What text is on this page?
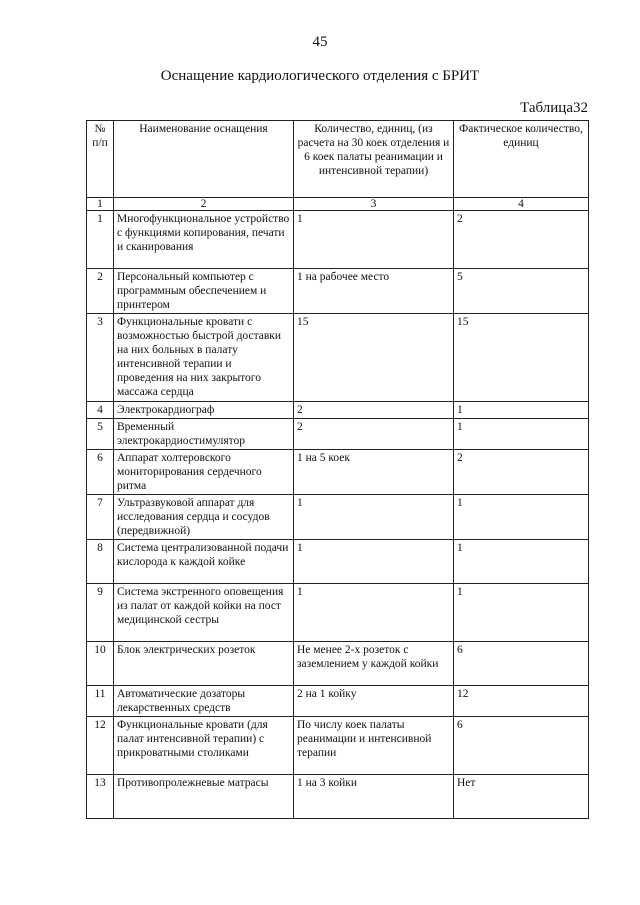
45
Оснащение кардиологического отделения с БРИТ
Таблица32
№ п/п	Наименование оснащения	Количество, единиц, (из расчета на 30 коек отделения и 6 коек палаты реанимации и интенсивной терапии)	Фактическое количество, единиц
1	2	3	4
1	Многофункциональное устройство с функциями копирования, печати и сканирования	1	2
2	Персональный компьютер с программным обеспечением и принтером	1 на рабочее место	5
3	Функциональные кровати с возможностью быстрой доставки на них больных в палату интенсивной терапии и проведения на них закрытого массажа сердца	15	15
4	Электрокардиограф	2	1
5	Временный электрокардиостимулятор	2	1
6	Аппарат холтеровского мониторирования сердечного ритма	1 на 5 коек	2
7	Ультразвуковой аппарат для исследования сердца и сосудов (передвижной)	1	1
8	Система централизованной подачи кислорода к каждой койке	1	1
9	Система экстренного оповещения из палат от каждой койки на пост медицинской сестры	1	1
10	Блок электрических розеток	Не менее 2-х розеток с заземлением у каждой койки	6
11	Автоматические дозаторы лекарственных средств	2 на 1 койку	12
12	Функциональные кровати (для палат интенсивной терапии) с прикроватными столиками	По числу коек палаты реанимации и интенсивной терапии	6
13	Противопролежневые матрасы	1 на 3 койки	Нет
